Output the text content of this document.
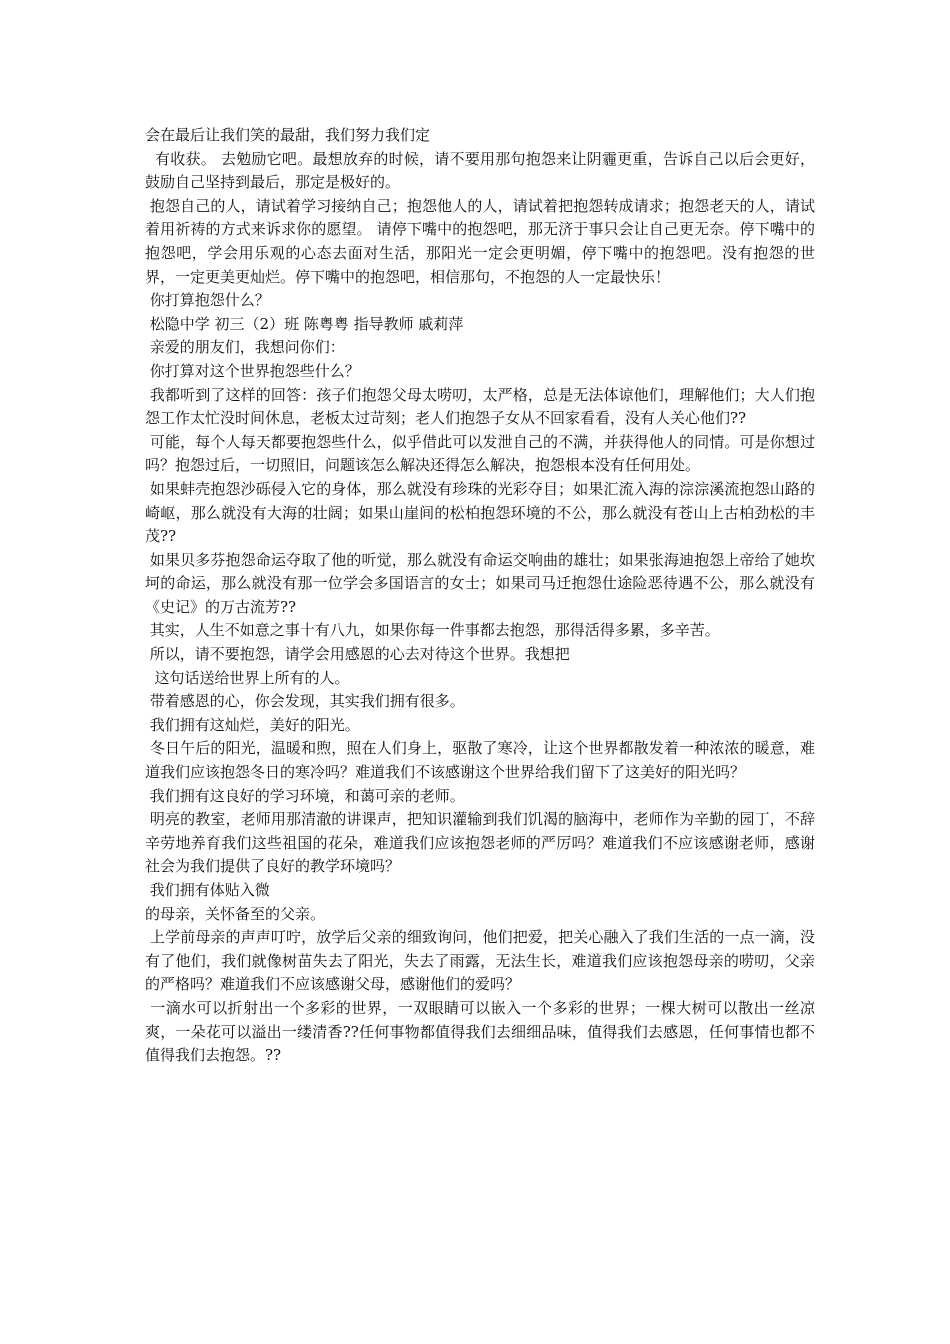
会在最后让我们笑的最甜，我们努力我们定

有收获。 去勉励它吧。最想放弃的时候，请不要用那句抱怨来让阴霾更重，告诉自己以后会更好，鼓励自己坚持到最后，那定是极好的。

抱怨自己的人，请试着学习接纳自己；抱怨他人的人，请试着把抱怨转成请求；抱怨老天的人，请试着用祈祷的方式来诉求你的愿望。 请停下嘴中的抱怨吧，那无济于事只会让自己更无奈。停下嘴中的抱怨吧，学会用乐观的心态去面对生活，那阳光一定会更明媚，停下嘴中的抱怨吧。没有抱怨的世界，一定更美更灿烂。停下嘴中的抱怨吧，相信那句，不抱怨的人一定最快乐！

你打算抱怨什么？

松隐中学 初三（2）班 陈粤粤 指导教师 戚莉萍

亲爱的朋友们，我想问你们：

你打算对这个世界抱怨些什么？

我都听到了这样的回答：孩子们抱怨父母太唠叨，太严格，总是无法体谅他们，理解他们；大人们抱怨工作太忙没时间休息，老板太过苛刻；老人们抱怨子女从不回家看看，没有人关心他们??

可能，每个人每天都要抱怨些什么，似乎借此可以发泄自己的不满，并获得他人的同情。可是你想过吗？抱怨过后，一切照旧，问题该怎么解决还得怎么解决，抱怨根本没有任何用处。

如果蚌壳抱怨沙砾侵入它的身体，那么就没有珍珠的光彩夺目；如果汇流入海的淙淙溪流抱怨山路的崎岖，那么就没有大海的壮阔；如果山崖间的松柏抱怨环境的不公，那么就没有苍山上古柏劲松的丰茂??

如果贝多芬抱怨命运夺取了他的听觉，那么就没有命运交响曲的雄壮；如果张海迪抱怨上帝给了她坎坷的命运，那么就没有那一位学会多国语言的女士；如果司马迁抱怨仕途险恶待遇不公，那么就没有《史记》的万古流芳??

其实，人生不如意之事十有八九，如果你每一件事都去抱怨，那得活得多累，多辛苦。

所以，请不要抱怨，请学会用感恩的心去对待这个世界。我想把

这句话送给世界上所有的人。

带着感恩的心，你会发现，其实我们拥有很多。

我们拥有这灿烂，美好的阳光。

冬日午后的阳光，温暖和煦，照在人们身上，驱散了寒冷，让这个世界都散发着一种浓浓的暖意，难道我们应该抱怨冬日的寒冷吗？难道我们不该感谢这个世界给我们留下了这美好的阳光吗？

我们拥有这良好的学习环境，和蔼可亲的老师。

明亮的教室，老师用那清澈的讲课声，把知识灌输到我们饥渴的脑海中，老师作为辛勤的园丁，不辞辛劳地养育我们这些祖国的花朵，难道我们应该抱怨老师的严厉吗？难道我们不应该感谢老师，感谢社会为我们提供了良好的教学环境吗？

我们拥有体贴入微

的母亲，关怀备至的父亲。

上学前母亲的声声叮咛，放学后父亲的细致询问，他们把爱，把关心融入了我们生活的一点一滴，没有了他们，我们就像树苗失去了阳光，失去了雨露，无法生长，难道我们应该抱怨母亲的唠叨，父亲的严格吗？难道我们不应该感谢父母，感谢他们的爱吗？

一滴水可以折射出一个多彩的世界，一双眼睛可以嵌入一个多彩的世界；一棵大树可以散出一丝凉爽，一朵花可以溢出一缕清香??任何事物都值得我们去细细品味，值得我们去感恩，任何事情也都不值得我们去抱怨。??
